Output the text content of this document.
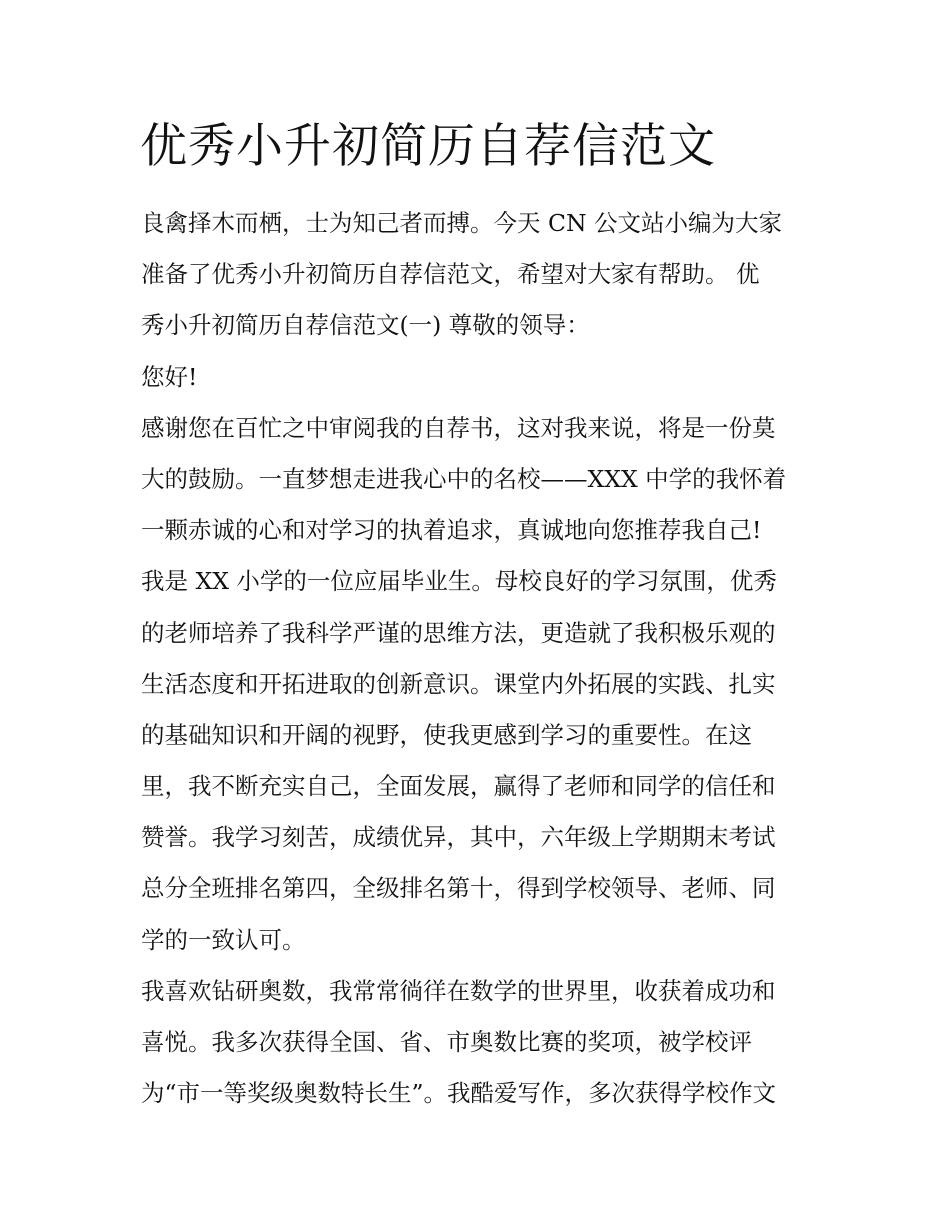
优秀小升初简历自荐信范文

良禽择木而栖，士为知己者而搏。今天 CN 公文站小编为大家

准备了优秀小升初简历自荐信范文，希望对大家有帮助。 优

秀小升初简历自荐信范文(一) 尊敬的领导：

您好!

感谢您在百忙之中审阅我的自荐书，这对我来说，将是一份莫

大的鼓励。一直梦想走进我心中的名校——XXX 中学的我怀着

一颗赤诚的心和对学习的执着追求，真诚地向您推荐我自己!

我是 XX 小学的一位应届毕业生。母校良好的学习氛围，优秀

的老师培养了我科学严谨的思维方法，更造就了我积极乐观的

生活态度和开拓进取的创新意识。课堂内外拓展的实践、扎实

的基础知识和开阔的视野，使我更感到学习的重要性。在这

里，我不断充实自己，全面发展，赢得了老师和同学的信任和

赞誉。我学习刻苦，成绩优异，其中，六年级上学期期末考试

总分全班排名第四，全级排名第十，得到学校领导、老师、同

学的一致认可。

我喜欢钻研奥数，我常常徜徉在数学的世界里，收获着成功和

喜悦。我多次获得全国、省、市奥数比赛的奖项，被学校评

为“市一等奖级奥数特长生”。我酷爱写作，多次获得学校作文
